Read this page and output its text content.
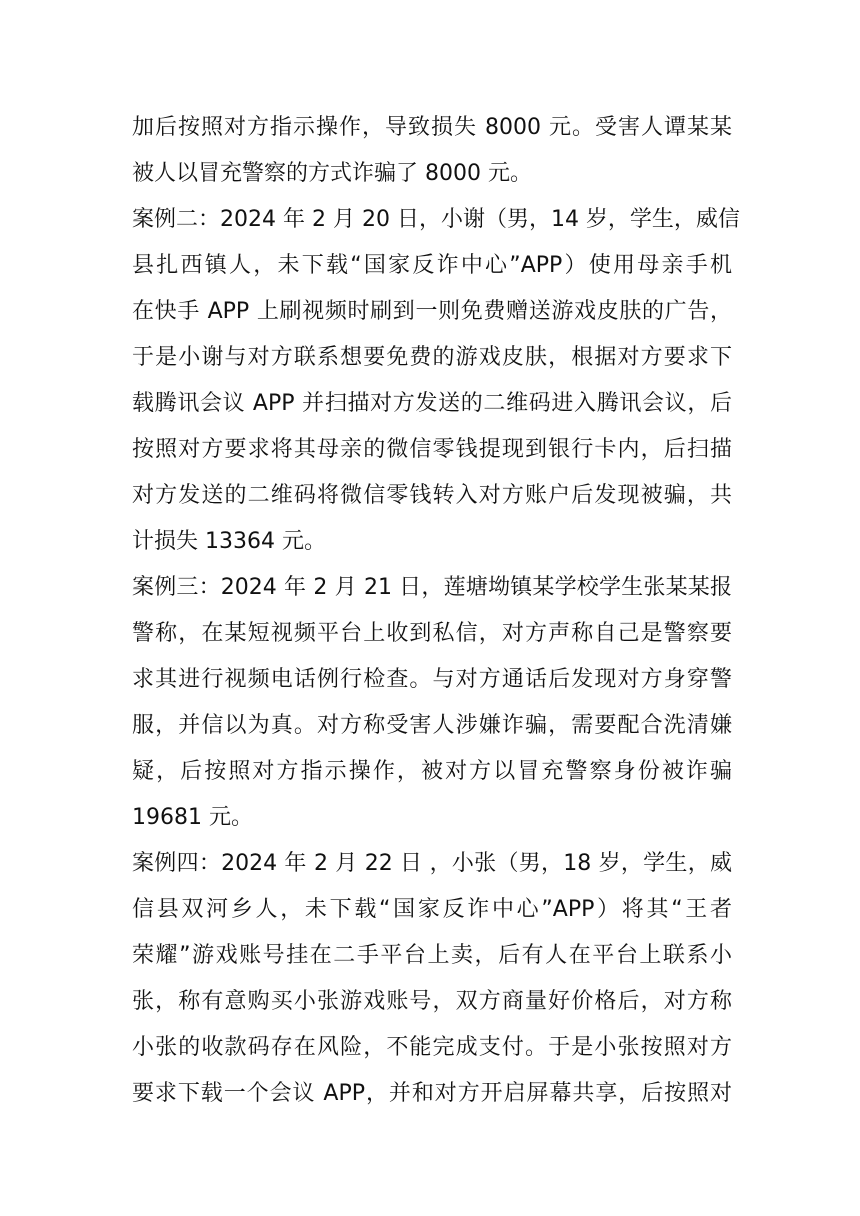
加后按照对方指示操作，导致损失 8000 元。受害人谭某某
被人以冒充警察的方式诈骗了 8000 元。
案例二：2024 年 2 月 20 日，小谢（男，14 岁，学生，威信
县扎西镇人，未下载“国家反诈中心”APP）使用母亲手机
在快手 APP 上刷视频时刷到一则免费赠送游戏皮肤的广告，
于是小谢与对方联系想要免费的游戏皮肤，根据对方要求下
载腾讯会议 APP 并扫描对方发送的二维码进入腾讯会议，后
按照对方要求将其母亲的微信零钱提现到银行卡内，后扫描
对方发送的二维码将微信零钱转入对方账户后发现被骗，共
计损失 13364 元。
案例三：2024 年 2 月 21 日，莲塘坳镇某学校学生张某某报
警称，在某短视频平台上收到私信，对方声称自己是警察要
求其进行视频电话例行检查。与对方通话后发现对方身穿警
服，并信以为真。对方称受害人涉嫌诈骗，需要配合洗清嫌
疑，后按照对方指示操作，被对方以冒充警察身份被诈骗
19681 元。
案例四：2024 年 2 月 22 日 ，小张（男，18 岁，学生，威
信县双河乡人，未下载“国家反诈中心”APP）将其“王者
荣耀”游戏账号挂在二手平台上卖，后有人在平台上联系小
张，称有意购买小张游戏账号，双方商量好价格后，对方称
小张的收款码存在风险，不能完成支付。于是小张按照对方
要求下载一个会议 APP，并和对方开启屏幕共享，后按照对
